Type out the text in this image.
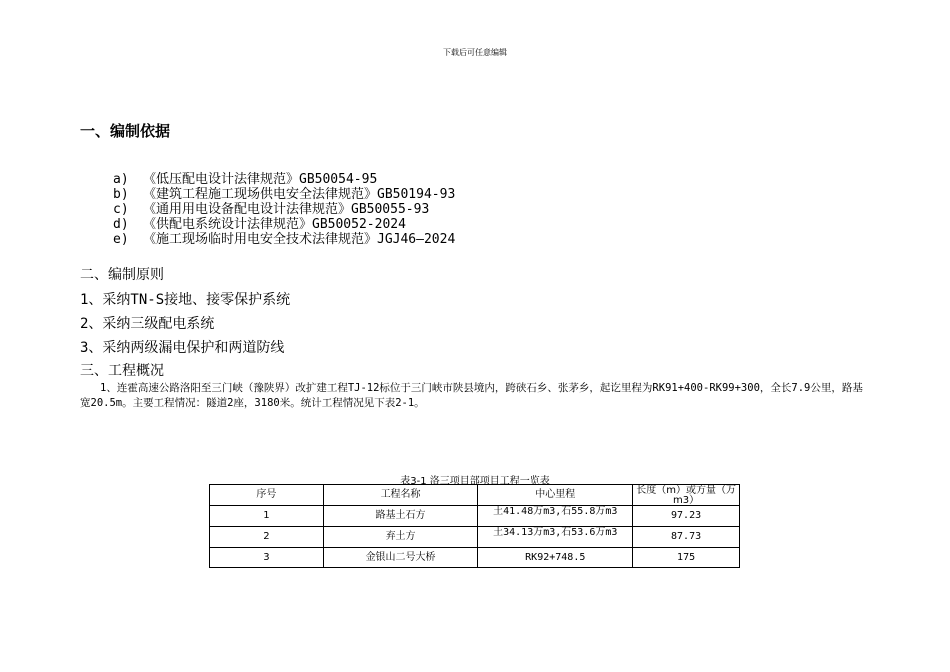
下载后可任意编辑
一、编制依据
a)	《低压配电设计法律规范》GB50054-95
b)	《建筑工程施工现场供电安全法律规范》GB50194-93
c)	《通用用电设备配电设计法律规范》GB50055-93
d)	《供配电系统设计法律规范》GB50052-2024
e)	《施工现场临时用电安全技术法律规范》JGJ46—2024
二、编制原则
1、采纳TN-S接地、接零保护系统
2、采纳三级配电系统
3、采纳两级漏电保护和两道防线
三、工程概况
1、连霍高速公路洛阳至三门峡（豫陕界）改扩建工程TJ-12标位于三门峡市陕县境内，跨硖石乡、张茅乡，起讫里程为RK91+400-RK99+300，全长7.9公里，路基宽20.5m。主要工程情况：隧道2座，3180米。统计工程情况见下表2-1。
表3-1 洛三项目部项目工程一览表
序号	工程名称	中心里程	长度（m）或方量（万m3）

1	路基土石方	土41.48万m3,石55.8万m3	97.23
2	弃土方	土34.13万m3,石53.6万m3	87.73
3	金银山二号大桥	RK92+748.5	175
